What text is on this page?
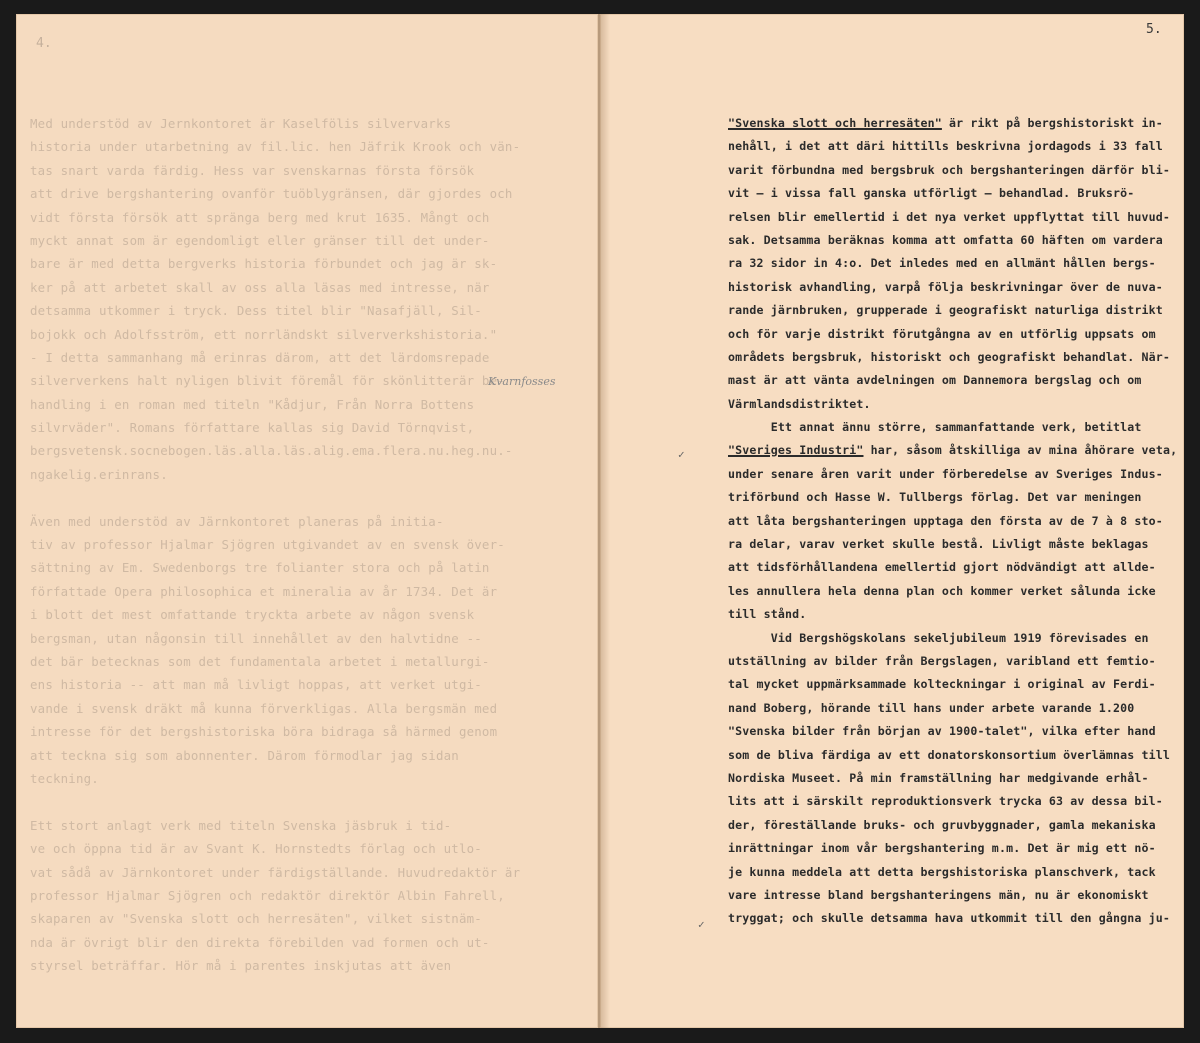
4.
5.
Med understöd av Jernkontoret är Kaselfölis silvervarks
historia under utarbetning av fil.lic. hen Jäfrik Krook och vän-
tas snart varda färdig. Hess var svenskarnas första försök
att drive bergshantering ovanför tuöblygränsen, där gjordes och
vidt första försök att spränga berg med krut 1635. Mångt och
myckt annat som är egendomligt eller gränser till det under-
bare är med detta bergverks historia förbundet och jag är sk-
ker på att arbetet skall av oss alla läsas med intresse, när
detsamma utkommer i tryck. Dess titel blir "Nasafjäll, Sil-
bojokk och Adolfsström, ett norrländskt silververkshistoria."
- I detta sammanhang må erinras därom, att det lärdomsrepade
silververkens halt nyligen blivit föremål för skönlitterär be-
handling i en roman med titeln "Kådjur, Från Norra Bottens
silvrväder". Romans författare kallas sig David Törnqvist,
bergsvetensk.socnebogen.läs.alla.läs.alig.ema.flera.nu.heg.nu.-
ngakelig.erinrans.
Även med understöd av Järnkontoret planeras på initia-
tiv av professor Hjalmar Sjögren utgivandet av en svensk över-
sättning av Em. Swedenborgs tre folianter stora och på latin
författade Opera philosophica et mineralia av år 1734. Det är
i blott det mest omfattande tryckta arbete av någon svensk
bergsman, utan någonsin till innehållet av den halvtidne --
det bär betecknas som det fundamentala arbetet i metallurgi-
ens historia -- att man må livligt hoppas, att verket utgi-
vande i svensk dräkt må kunna förverkligas. Alla bergsmän med
intresse för det bergshistoriska böra bidraga så härmed genom
att teckna sig som abonnenter. Därom förmodlar jag sidan
teckning.
Ett stort anlagt verk med titeln Svenska jäsbruk i tid-
ve och öppna tid är av Svant K. Hornstedts förlag och utlo-
vat sådå av Järnkontoret under färdigställande. Huvudredaktör är
professor Hjalmar Sjögren och redaktör direktör Albin Fahrell,
skaparen av "Svenska slott och herresäten", vilket sistnäm-
nda är övrigt blir den direkta förebilden vad formen och ut-
styrsel beträffar. Hör må i parentes inskjutas att även
"Svenska slott och herresäten" är rikt på bergshistoriskt in-
nehåll, i det att däri hittills beskrivna jordagods i 33 fall
varit förbundna med bergsbruk och bergshanteringen därför bli-
vit — i vissa fall ganska utförligt — behandlad. Bruksrö-
relsen blir emellertid i det nya verket uppflyttat till huvud-
sak. Detsamma beräknas komma att omfatta 60 häften om vardera
ra 32 sidor in 4:o. Det inledes med en allmänt hållen bergs-
historisk avhandling, varpå följa beskrivningar över de nuva-
rande järnbruken, grupperade i geografiskt naturliga distrikt
och för varje distrikt förutgångna av en utförlig uppsats om
områdets bergsbruk, historiskt och geografiskt behandlat. När-
mast är att vänta avdelningen om Dannemora bergslag och om
Värmlandsdistriktet.
Ett annat ännu större, sammanfattande verk, betitlat
"Sveriges Industri" har, såsom åtskilliga av mina åhörare veta,
under senare åren varit under förberedelse av Sveriges Indus-
triförbund och Hasse W. Tullbergs förlag. Det var meningen
att låta bergshanteringen upptaga den första av de 7 à 8 sto-
ra delar, varav verket skulle bestå. Livligt måste beklagas
att tidsförhållandena emellertid gjort nödvändigt att allde-
les annullera hela denna plan och kommer verket sålunda icke
till stånd.
Vid Bergshögskolans sekeljubileum 1919 förevisades en
utställning av bilder från Bergslagen, varibland ett femtio-
tal mycket uppmärksammade kolteckningar i original av Ferdi-
nand Boberg, hörande till hans under arbete varande 1.200
"Svenska bilder från början av 1900-talet", vilka efter hand
som de bliva färdiga av ett donatorskonsortium överlämnas till
Nordiska Museet. På min framställning har medgivande erhål-
lits att i särskilt reproduktionsverk trycka 63 av dessa bil-
der, föreställande bruks- och gruvbyggnader, gamla mekaniska
inrättningar inom vår bergshantering m.m. Det är mig ett nö-
je kunna meddela att detta bergshistoriska planschverk, tack
vare intresse bland bergshanteringens män, nu är ekonomiskt
tryggat; och skulle detsamma hava utkommit till den gångna ju-
Kvarnfosses
✓
✓
